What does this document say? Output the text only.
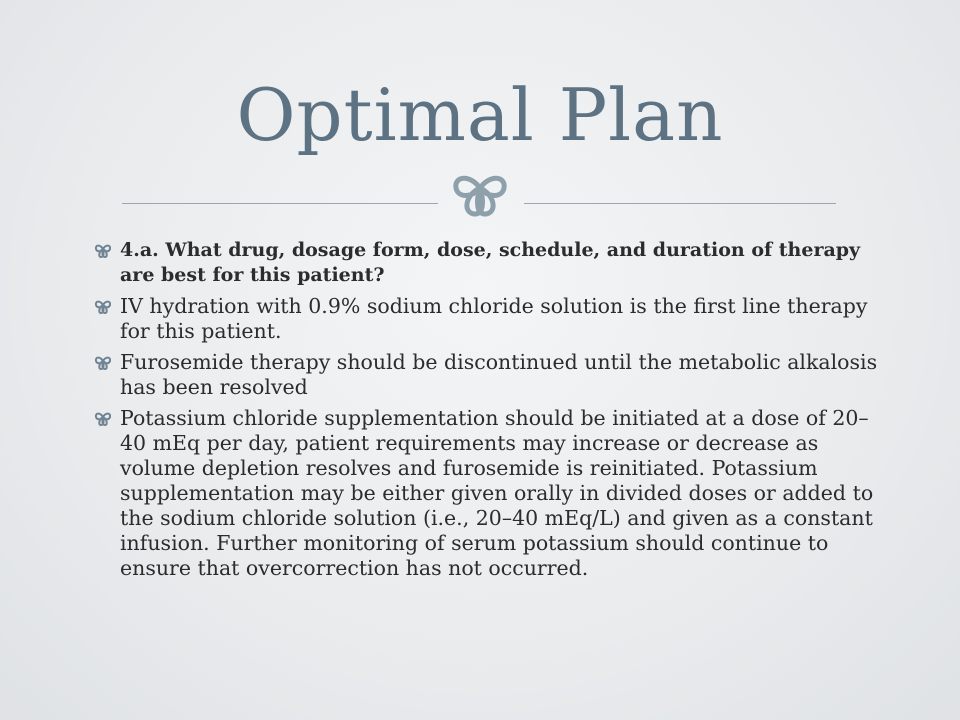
Optimal Plan
4.a. What drug, dosage form, dose, schedule, and duration of therapy are best for this patient?
IV hydration with 0.9% sodium chloride solution is the first line therapy for this patient.
Furosemide therapy should be discontinued until the metabolic alkalosis has been resolved
Potassium chloride supplementation should be initiated at a dose of 20–40 mEq per day, patient requirements may increase or decrease as volume depletion resolves and furosemide is reinitiated. Potassium supplementation may be either given orally in divided doses or added to the sodium chloride solution (i.e., 20–40 mEq/L) and given as a constant infusion. Further monitoring of serum potassium should continue to ensure that overcorrection has not occurred.
